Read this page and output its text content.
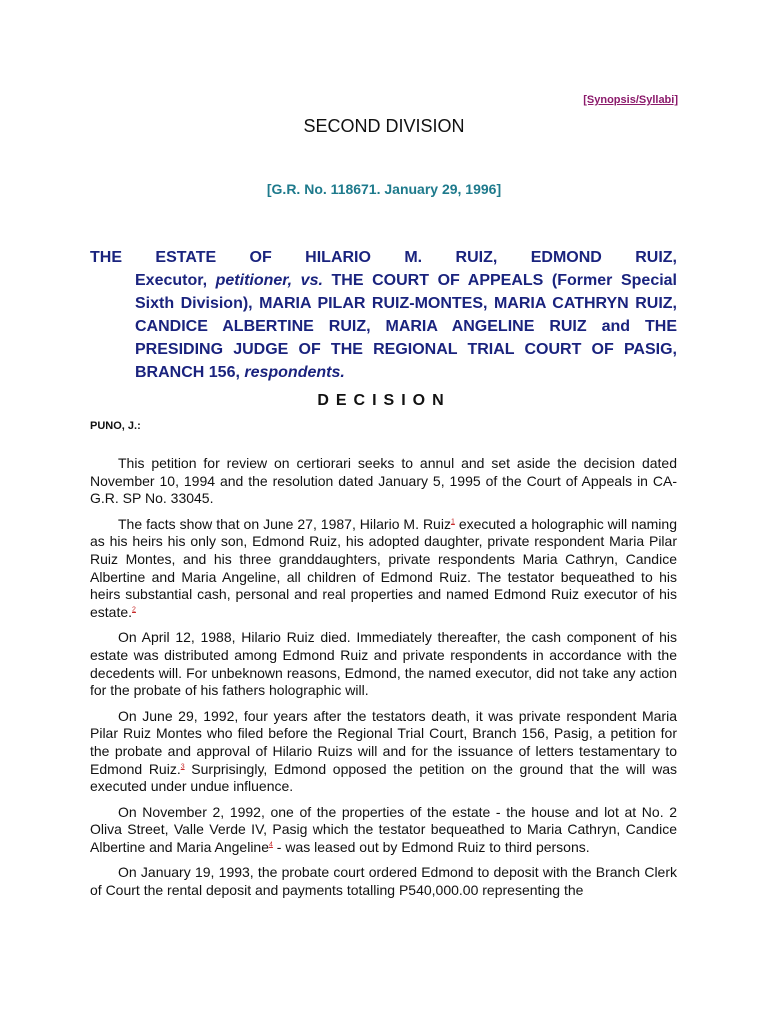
[Synopsis/Syllabi]
SECOND DIVISION
[G.R. No. 118671. January 29, 1996]
THE ESTATE OF HILARIO M. RUIZ, EDMOND RUIZ,
Executor, petitioner, vs. THE COURT OF APPEALS (Former Special Sixth Division), MARIA PILAR RUIZ-MONTES, MARIA CATHRYN RUIZ, CANDICE ALBERTINE RUIZ, MARIA ANGELINE RUIZ and THE PRESIDING JUDGE OF THE REGIONAL TRIAL COURT OF PASIG, BRANCH 156, respondents.
DECISION
PUNO, J.:

This petition for review on certiorari seeks to annul and set aside the decision dated November 10, 1994 and the resolution dated January 5, 1995 of the Court of Appeals in CA-G.R. SP No. 33045.

The facts show that on June 27, 1987, Hilario M. Ruiz$^1$ executed a holographic will naming as his heirs his only son, Edmond Ruiz, his adopted daughter, private respondent Maria Pilar Ruiz Montes, and his three granddaughters, private respondents Maria Cathryn, Candice Albertine and Maria Angeline, all children of Edmond Ruiz. The testator bequeathed to his heirs substantial cash, personal and real properties and named Edmond Ruiz executor of his estate.$^2$

On April 12, 1988, Hilario Ruiz died. Immediately thereafter, the cash component of his estate was distributed among Edmond Ruiz and private respondents in accordance with the decedents will. For unbeknown reasons, Edmond, the named executor, did not take any action for the probate of his fathers holographic will.

On June 29, 1992, four years after the testators death, it was private respondent Maria Pilar Ruiz Montes who filed before the Regional Trial Court, Branch 156, Pasig, a petition for the probate and approval of Hilario Ruizs will and for the issuance of letters testamentary to Edmond Ruiz.$^3$ Surprisingly, Edmond opposed the petition on the ground that the will was executed under undue influence.

On November 2, 1992, one of the properties of the estate - the house and lot at No. 2 Oliva Street, Valle Verde IV, Pasig which the testator bequeathed to Maria Cathryn, Candice Albertine and Maria Angeline$^4$ - was leased out by Edmond Ruiz to third persons.

On January 19, 1993, the probate court ordered Edmond to deposit with the Branch Clerk of Court the rental deposit and payments totalling P540,000.00 representing the
